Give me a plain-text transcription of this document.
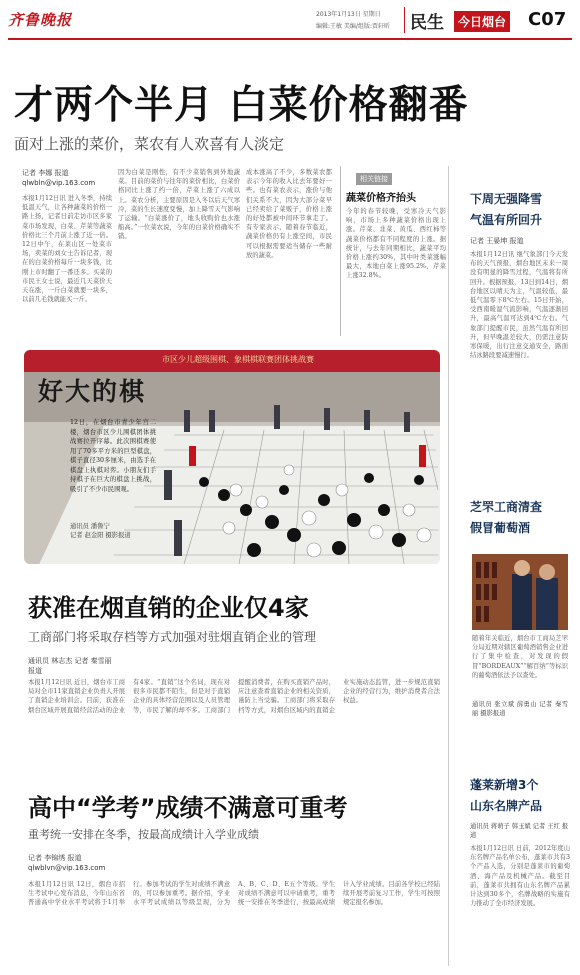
齐鲁晚报	2013年1月13日 星期日
编辑:王敏 美编/组版:贾轩昕 民生	今日烟台 C07
才两个半月 白菜价格翻番
面对上涨的菜价，菜农有人欢喜有人淡定
记者 李娜 报道
qlwbln@vip.163.com
本报1月12日讯 进入冬季，持续低温天气，让各种蔬菜的价格一路上扬，记者日前走访市区多家菜市场发现，白菜、芹菜等蔬菜价格比三个月前上涨了近一倍。12日中午，在莱山区一处菜市场，卖菜的刘女士告诉记者，现在的白菜价格每斤一块多钱，比刚上市时翻了一番还多。买菜的市民王女士说，最近几天菜价天天在涨，一斤白菜就要一块多，以前几毛钱就能买一斤。
因为白菜是刚性，有不少菜销售到外地蔬菜。目前的菜价与往年的菜价相比，白菜价格同比上涨了约一倍，芹菜上涨了六成以上。菜农分析，主要原因是入冬以后天气寒冷，菜的生长速度变慢，加上降雪天气影响了运输。“白菜涨价了，地头收购价也水涨船高。”一位菜农说，今年的白菜价格确实不错。
成本涨高了不少，多数菜农都表示今年的收入比去年要好一些。也有菜农表示，涨价与他们关系不大，因为大部分菜早已经卖给了菜贩子，价格上涨的好处都被中间环节拿走了。有专家表示，随着春节临近，蔬菜价格仍有上涨空间，市民可以根据需要适当储存一些耐放的蔬菜。
相关链接
蔬菜价格齐抬头
今年的春节较晚，受寒冷天气影响，市场上多种蔬菜价格出现上涨。芹菜、韭菜、黄瓜、西红柿等蔬菜价格都有不同程度的上涨。据统计，与去年同期相比，蔬菜平均价格上涨约30%，其中叶类菜涨幅最大，本地白菜上涨95.2%，芹菜上涨32.8%。
市区少儿超级围棋、象棋棋联赛团体挑战赛
好大的棋
12日，在烟台市青少年宫二楼，烟台市区少儿围棋团体挑战赛拉开序幕。此次围棋赛使用了70多平方米的巨型棋盘，棋子直径30多厘米，由选手在棋盘上执棋对弈。小朋友们手持棋子在巨大的棋盘上挑战，吸引了不少市民围观。
通讯员 潘鲁宁
记者 赵金阳 摄影报道
获准在烟直销的企业仅4家
工商部门将采取存档等方式加强对驻烟直销企业的管理
通讯员 林志杰 记者 秦雪丽 报道
本报1月12日讯 近日，烟台市工商局对全市11家直销企业负责人开展了直销企业培训会。目前，获准在烟台区域开展直销经营活动的企业有4家。“直销”这个名词，现在对很多市民都不陌生，但是对于直销企业的具体经营范围以及人员管理等，市民了解的却不多。工商部门提醒消费者，在购买直销产品时，应注意查看直销企业的相关资质，谨防上当受骗。工商部门将采取存档等方式，对烟台区域内的直销企业实施动态监管，进一步规范直销企业的经营行为，维护消费者合法权益。
高中“学考”成绩不满意可重考
重考统一安排在冬季，按最高成绩计入学业成绩
记者 李锦绣 报道
qlwblvn@vip.163.com
本报1月12日讯 12日，烟台市招生考试中心发布消息，今年山东省普通高中学业水平考试将于1月举行。参加考试的学生对成绩不满意的，可以参加重考。据介绍，学业水平考试成绩以等级呈现，分为A、B、C、D、E五个等级。学生对成绩不满意可以申请重考，重考统一安排在冬季进行，按最高成绩计入学业成绩。目前各学校已经陆续开展考前复习工作，学生可按照规定报名参加。
下周无强降雪
气温有所回升
记者 王晏坤 报道
本报1月12日讯 继气象部门今天发布的天气预报，烟台地区未来一周没有明显的降雪过程，气温将有所回升。根据预报，13日到14日，烟台地区以晴天为主，气温较低，最低气温零下8℃左右。15日开始，受西南暖湿气流影响，气温逐渐回升，最高气温可达到4℃左右。气象部门提醒市民，虽然气温有所回升，但早晚温差较大，仍需注意防寒保暖，出行注意交通安全，路面结冰路段要减速慢行。
芝罘工商清查
假冒葡萄酒
随着年关临近，烟台市工商局芝罘分局近期对辖区葡萄酒销售企业进行了集中检查，对发现的假冒“BORDEAUX”“解百纳”等标识的葡萄酒依法予以查处。
通讯员 张立斌 薛勇山 记者 秦雪丽 摄影报道
蓬莱新增3个
山东名牌产品
通讯员 蒋萌子 韩玉斌 记者 王红 报道
本报1月12日讯 日前，2012年度山东名牌产品名单公布，蓬莱市共有3个产品入选，分别是蓬莱市的葡萄酒、海产品及机械产品。截至目前，蓬莱市共拥有山东名牌产品累计达到30多个，名牌战略的实施有力推动了全市经济发展。
